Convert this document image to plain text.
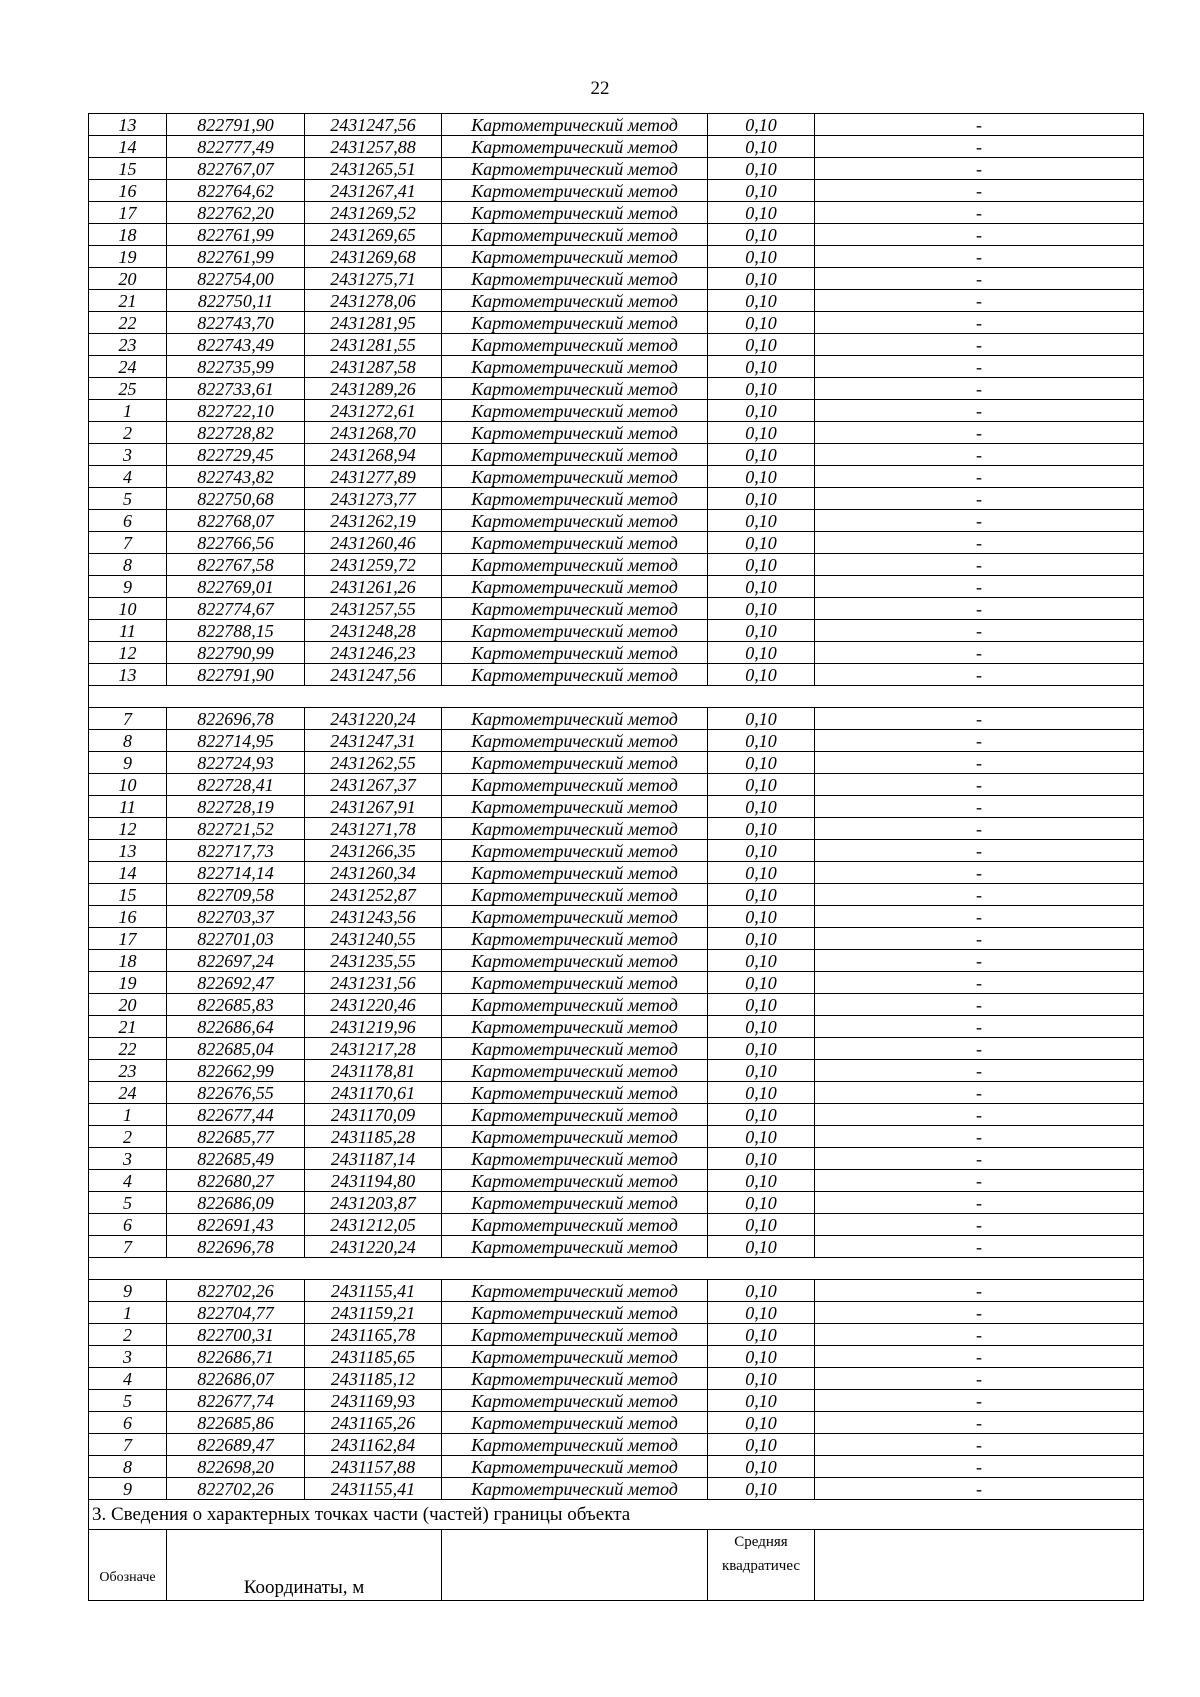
22
13	822791,90	2431247,56	Картометрический метод	0,10	-
14	822777,49	2431257,88	Картометрический метод	0,10	-
15	822767,07	2431265,51	Картометрический метод	0,10	-
16	822764,62	2431267,41	Картометрический метод	0,10	-
17	822762,20	2431269,52	Картометрический метод	0,10	-
18	822761,99	2431269,65	Картометрический метод	0,10	-
19	822761,99	2431269,68	Картометрический метод	0,10	-
20	822754,00	2431275,71	Картометрический метод	0,10	-
21	822750,11	2431278,06	Картометрический метод	0,10	-
22	822743,70	2431281,95	Картометрический метод	0,10	-
23	822743,49	2431281,55	Картометрический метод	0,10	-
24	822735,99	2431287,58	Картометрический метод	0,10	-
25	822733,61	2431289,26	Картометрический метод	0,10	-
1	822722,10	2431272,61	Картометрический метод	0,10	-
2	822728,82	2431268,70	Картометрический метод	0,10	-
3	822729,45	2431268,94	Картометрический метод	0,10	-
4	822743,82	2431277,89	Картометрический метод	0,10	-
5	822750,68	2431273,77	Картометрический метод	0,10	-
6	822768,07	2431262,19	Картометрический метод	0,10	-
7	822766,56	2431260,46	Картометрический метод	0,10	-
8	822767,58	2431259,72	Картометрический метод	0,10	-
9	822769,01	2431261,26	Картометрический метод	0,10	-
10	822774,67	2431257,55	Картометрический метод	0,10	-
11	822788,15	2431248,28	Картометрический метод	0,10	-
12	822790,99	2431246,23	Картометрический метод	0,10	-
13	822791,90	2431247,56	Картометрический метод	0,10	-

7	822696,78	2431220,24	Картометрический метод	0,10	-
8	822714,95	2431247,31	Картометрический метод	0,10	-
9	822724,93	2431262,55	Картометрический метод	0,10	-
10	822728,41	2431267,37	Картометрический метод	0,10	-
11	822728,19	2431267,91	Картометрический метод	0,10	-
12	822721,52	2431271,78	Картометрический метод	0,10	-
13	822717,73	2431266,35	Картометрический метод	0,10	-
14	822714,14	2431260,34	Картометрический метод	0,10	-
15	822709,58	2431252,87	Картометрический метод	0,10	-
16	822703,37	2431243,56	Картометрический метод	0,10	-
17	822701,03	2431240,55	Картометрический метод	0,10	-
18	822697,24	2431235,55	Картометрический метод	0,10	-
19	822692,47	2431231,56	Картометрический метод	0,10	-
20	822685,83	2431220,46	Картометрический метод	0,10	-
21	822686,64	2431219,96	Картометрический метод	0,10	-
22	822685,04	2431217,28	Картометрический метод	0,10	-
23	822662,99	2431178,81	Картометрический метод	0,10	-
24	822676,55	2431170,61	Картометрический метод	0,10	-
1	822677,44	2431170,09	Картометрический метод	0,10	-
2	822685,77	2431185,28	Картометрический метод	0,10	-
3	822685,49	2431187,14	Картометрический метод	0,10	-
4	822680,27	2431194,80	Картометрический метод	0,10	-
5	822686,09	2431203,87	Картометрический метод	0,10	-
6	822691,43	2431212,05	Картометрический метод	0,10	-
7	822696,78	2431220,24	Картометрический метод	0,10	-

9	822702,26	2431155,41	Картометрический метод	0,10	-
1	822704,77	2431159,21	Картометрический метод	0,10	-
2	822700,31	2431165,78	Картометрический метод	0,10	-
3	822686,71	2431185,65	Картометрический метод	0,10	-
4	822686,07	2431185,12	Картометрический метод	0,10	-
5	822677,74	2431169,93	Картометрический метод	0,10	-
6	822685,86	2431165,26	Картометрический метод	0,10	-
7	822689,47	2431162,84	Картометрический метод	0,10	-
8	822698,20	2431157,88	Картометрический метод	0,10	-
9	822702,26	2431155,41	Картометрический метод	0,10	-
3. Сведения о характерных точках части (частей) границы объекта					
Обозначе	Координаты, м			Средняя
квадратичес	
